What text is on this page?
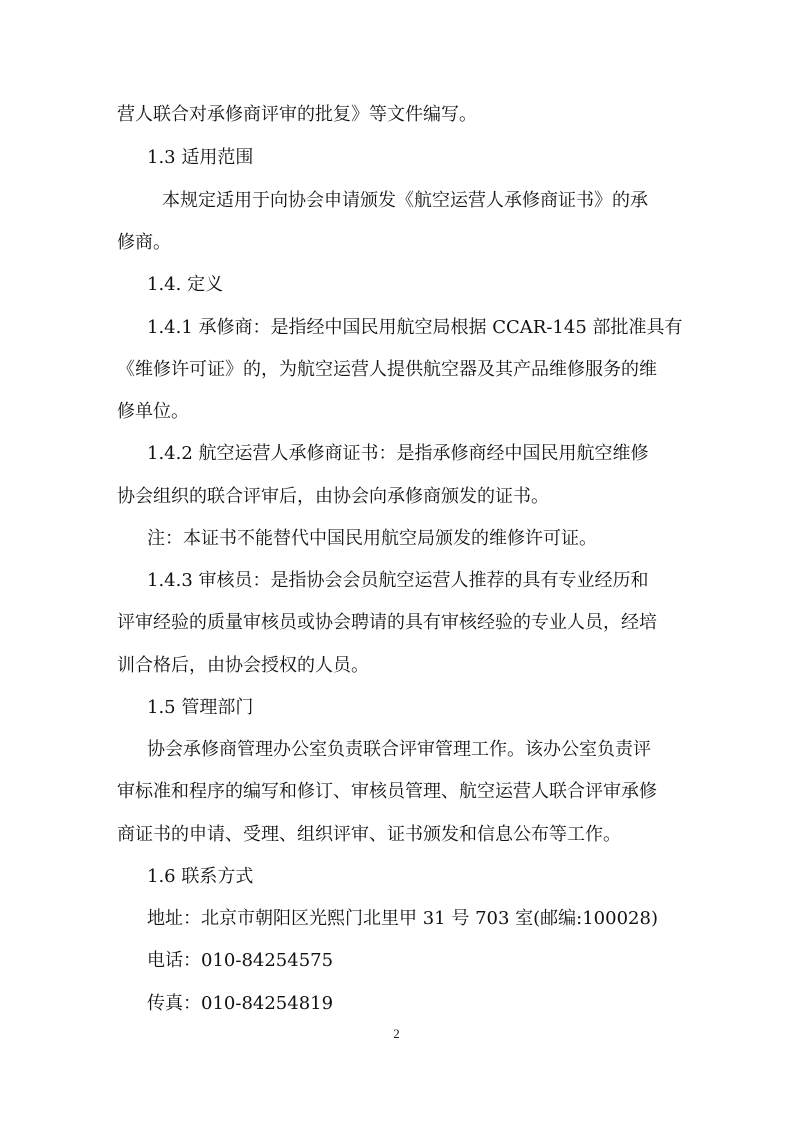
营人联合对承修商评审的批复》等文件编写。
1.3 适用范围
本规定适用于向协会申请颁发《航空运营人承修商证书》的承
修商。
1.4. 定义
1.4.1 承修商：是指经中国民用航空局根据 CCAR-145 部批准具有
《维修许可证》的，为航空运营人提供航空器及其产品维修服务的维
修单位。
1.4.2 航空运营人承修商证书：是指承修商经中国民用航空维修
协会组织的联合评审后，由协会向承修商颁发的证书。
注：本证书不能替代中国民用航空局颁发的维修许可证。
1.4.3 审核员：是指协会会员航空运营人推荐的具有专业经历和
评审经验的质量审核员或协会聘请的具有审核经验的专业人员，经培
训合格后，由协会授权的人员。
1.5 管理部门
协会承修商管理办公室负责联合评审管理工作。该办公室负责评
审标准和程序的编写和修订、审核员管理、航空运营人联合评审承修
商证书的申请、受理、组织评审、证书颁发和信息公布等工作。
1.6 联系方式
地址：北京市朝阳区光熙门北里甲 31 号 703 室(邮编:100028)
电话：010-84254575
传真：010-84254819
2
